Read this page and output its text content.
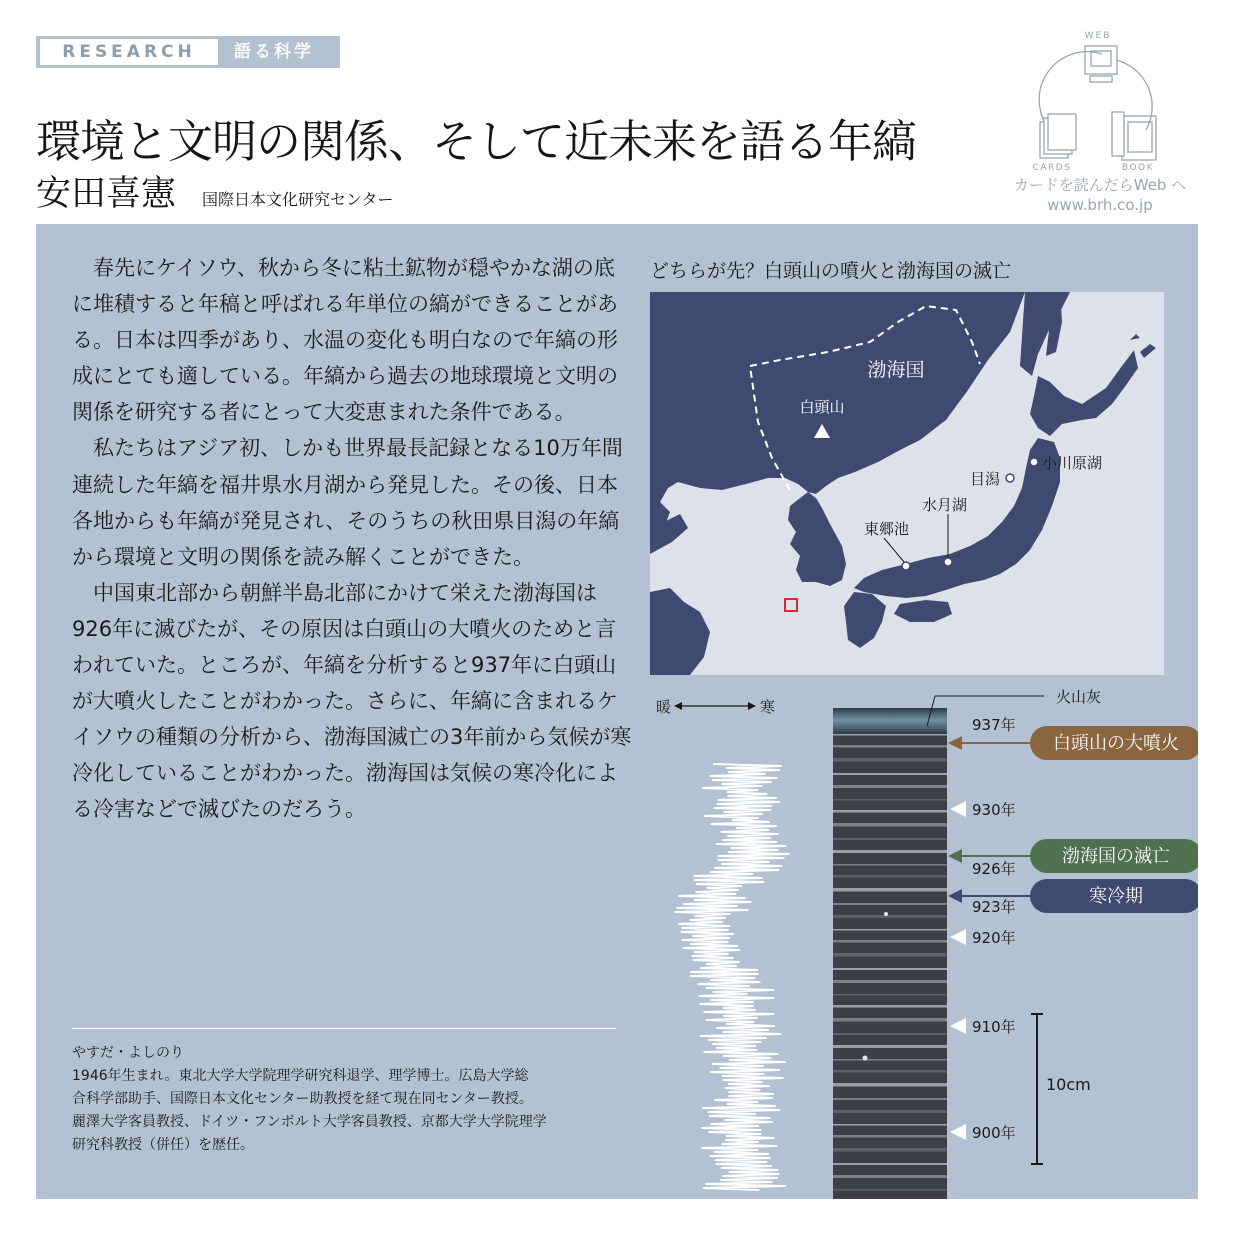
RESEARCH	語る科学
環境と文明の関係、そして近未来を語る年縞
安田喜憲 国際日本文化研究センター
WEB
CARDS	BOOK
カードを読んだらWeb へ
www.brh.co.jp

春先にケイソウ、秋から冬に粘土鉱物が穏やかな湖の底に堆積すると年稿と呼ばれる年単位の縞ができることがある。日本は四季があり、水温の変化も明白なので年縞の形成にとても適している。年縞から過去の地球環境と文明の関係を研究する者にとって大変恵まれた条件である。

私たちはアジア初、しかも世界最長記録となる10万年間連続した年縞を福井県水月湖から発見した。その後、日本各地からも年縞が発見され、そのうちの秋田県目潟の年縞から環境と文明の関係を読み解くことができた。

中国東北部から朝鮮半島北部にかけて栄えた渤海国は926年に滅びたが、その原因は白頭山の大噴火のためと言われていた。ところが、年縞を分析すると937年に白頭山が大噴火したことがわかった。さらに、年縞に含まれるケイソウの種類の分析から、渤海国滅亡の3年前から気候が寒冷化していることがわかった。渤海国は気候の寒冷化による冷害などで滅びたのだろう。

やすだ・よしのり
1946年生まれ。東北大学大学院理学研究科退学、理学博士。広島大学総
合科学部助手、国際日本文化センター助教授を経て現在同センター教授。
麗澤大学客員教授、ドイツ・フンボルト大学客員教授、京都大学大学院理学
研究科教授（併任）を歴任。
どちらが先？白頭山の噴火と渤海国の滅亡
白頭山
渤海国
小川原湖
目潟
水月湖
東郷池
暖	寒
火山灰
937年
930年
926年
923年
920年
910年
900年
白頭山の大噴火
渤海国の滅亡
寒冷期
10cm
